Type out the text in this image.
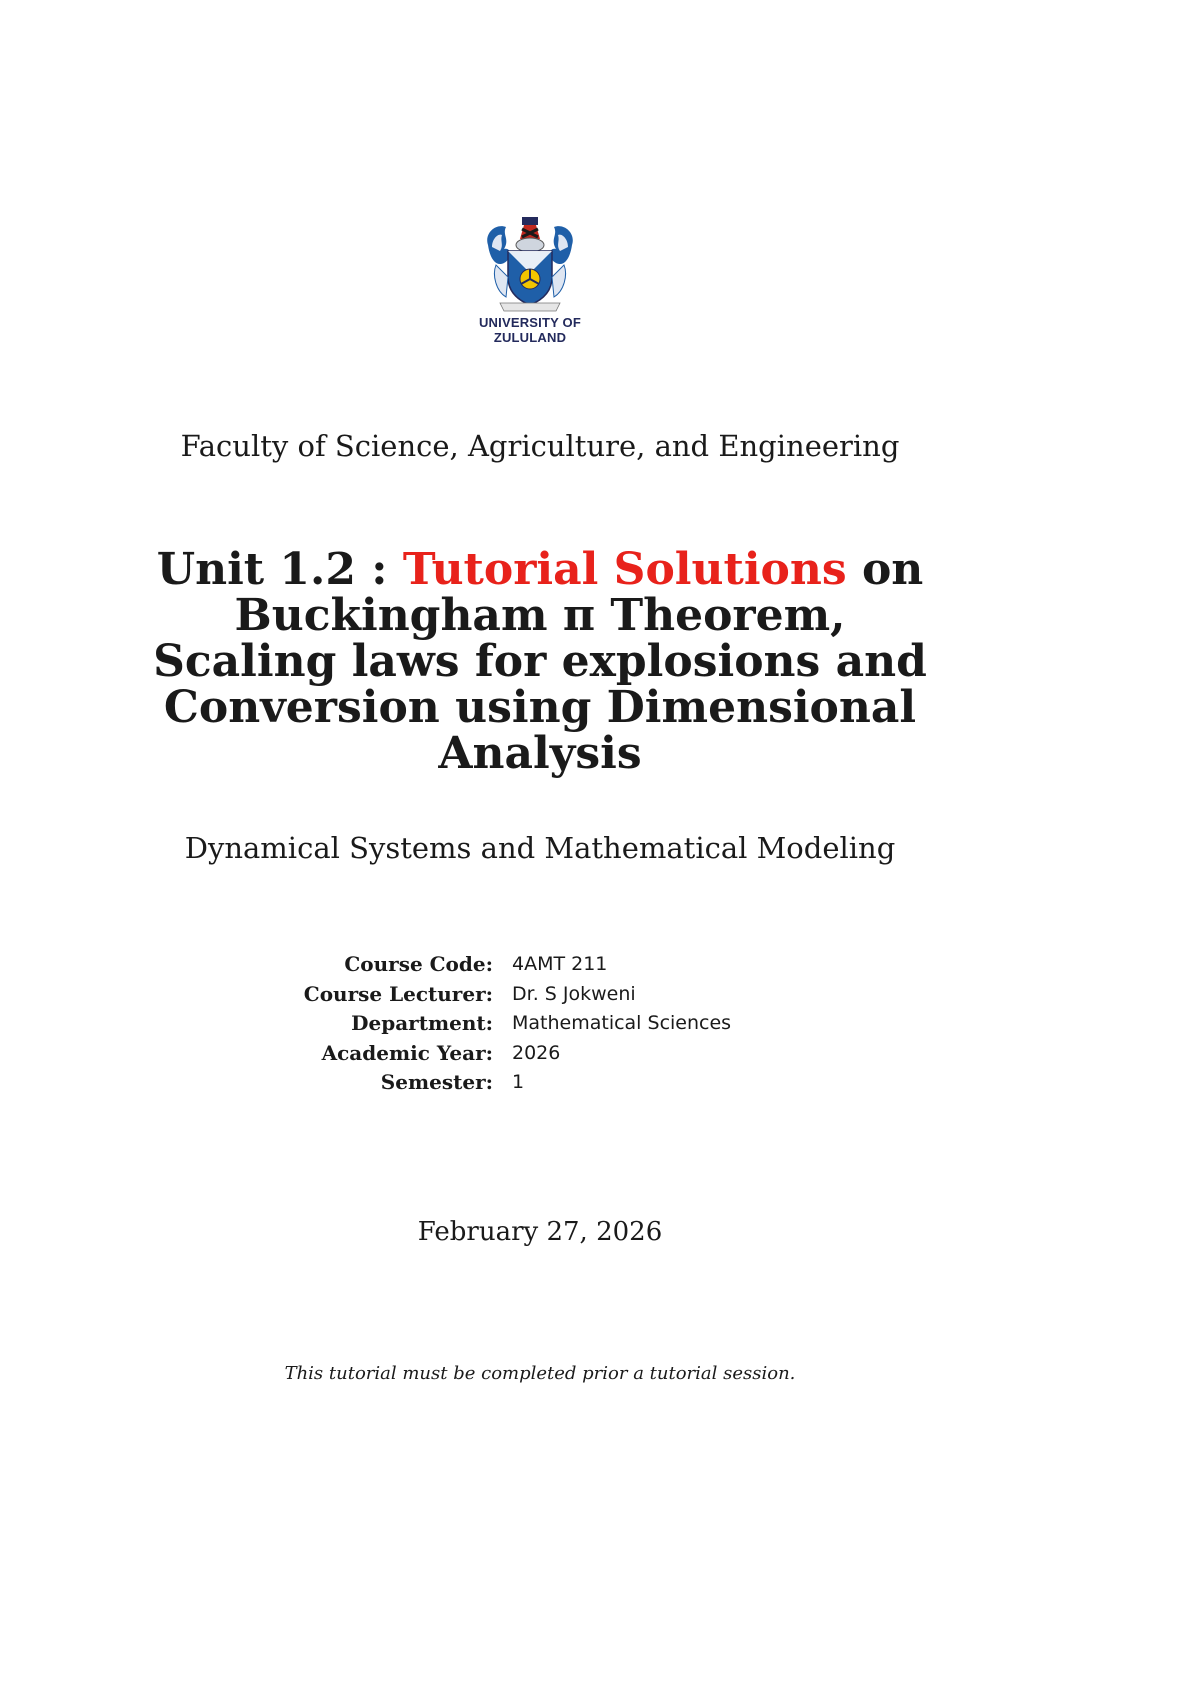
UNIVERSITY OF
ZULULAND
Faculty of Science, Agriculture, and Engineering
Unit 1.2 : Tutorial Solutions on
Buckingham π Theorem,
Scaling laws for explosions and
Conversion using Dimensional
Analysis
Dynamical Systems and Mathematical Modeling
Course Code:	4AMT 211
Course Lecturer:	Dr. S Jokweni
Department:	Mathematical Sciences
Academic Year:	2026
Semester:	1
February 27, 2026
This tutorial must be completed prior a tutorial session.
